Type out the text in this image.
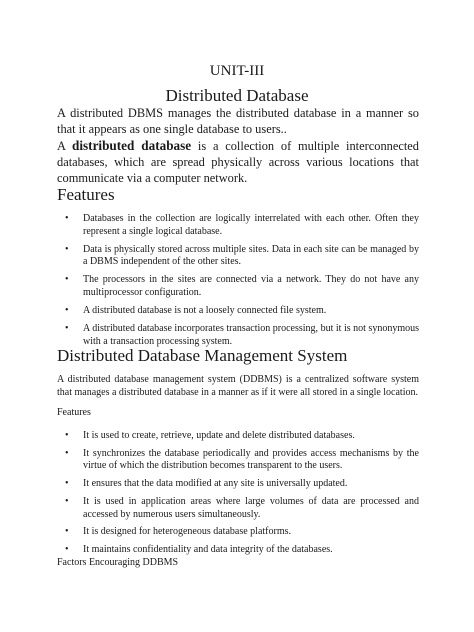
UNIT-III
Distributed Database
A distributed DBMS manages the distributed database in a manner so that it appears as one single database to users..
A distributed database is a collection of multiple interconnected databases, which are spread physically across various locations that communicate via a computer network.
Features
• Databases in the collection are logically interrelated with each other. Often they represent a single logical database.
• Data is physically stored across multiple sites. Data in each site can be managed by a DBMS independent of the other sites.
• The processors in the sites are connected via a network. They do not have any multiprocessor configuration.
• A distributed database is not a loosely connected file system.
• A distributed database incorporates transaction processing, but it is not synonymous with a transaction processing system.
Distributed Database Management System
A distributed database management system (DDBMS) is a centralized software system that manages a distributed database in a manner as if it were all stored in a single location.
Features
• It is used to create, retrieve, update and delete distributed databases.
• It synchronizes the database periodically and provides access mechanisms by the virtue of which the distribution becomes transparent to the users.
• It ensures that the data modified at any site is universally updated.
• It is used in application areas where large volumes of data are processed and accessed by numerous users simultaneously.
• It is designed for heterogeneous database platforms.
• It maintains confidentiality and data integrity of the databases.
Factors Encouraging DDBMS
